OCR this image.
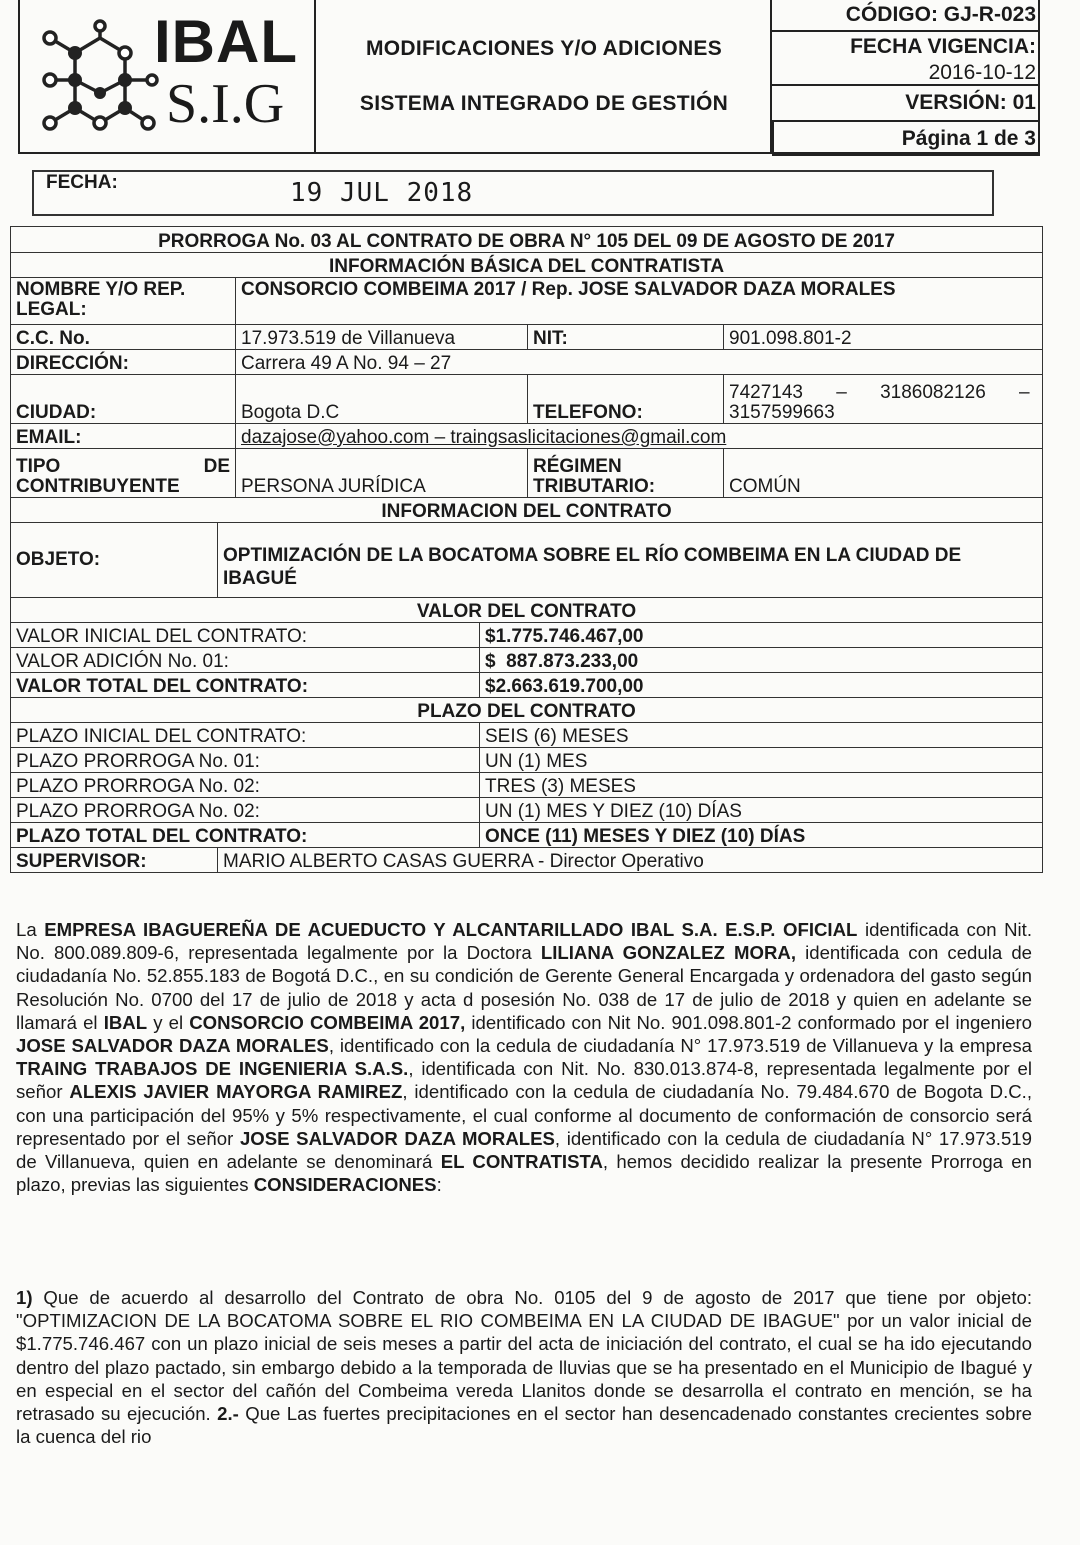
IBAL
S.I.G
MODIFICACIONES Y/O ADICIONES
SISTEMA INTEGRADO DE GESTIÓN
CÓDIGO: GJ-R-023
FECHA VIGENCIA:
2016-10-12
VERSIÓN: 01
Página 1 de 3
FECHA:	19 JUL 2018
PRORROGA No. 03 AL CONTRATO DE OBRA N° 105 DEL 09 DE AGOSTO DE 2017					
INFORMACIÓN BÁSICA DEL CONTRATISTA					
NOMBRE Y/O REP. LEGAL:		CONSORCIO COMBEIMA 2017 / Rep. JOSE SALVADOR DAZA MORALES			
C.C. No.		17.973.519 de Villanueva		NIT:	901.098.801-2
DIRECCIÓN:		Carrera 49 A No. 94 – 27			
CIUDAD:		Bogota D.C		TELEFONO:	7427143 – 3186082126 –
3157599663

EMAIL:		dazajose@yahoo.com – traingsaslicitaciones@gmail.com			
TIPO DE CONTRIBUYENTE		PERSONA JURÍDICA		RÉGIMEN TRIBUTARIO:	COMÚN
INFORMACION DEL CONTRATO					
OBJETO:	OPTIMIZACIÓN DE LA BOCATOMA SOBRE EL RÍO COMBEIMA EN LA CIUDAD DE IBAGUÉ				
VALOR DEL CONTRATO					
VALOR INICIAL DEL CONTRATO:			$1.775.746.467,00		
VALOR ADICIÓN No. 01:			$  887.873.233,00		
VALOR TOTAL DEL CONTRATO:			$2.663.619.700,00		
PLAZO DEL CONTRATO					
PLAZO INICIAL DEL CONTRATO:			SEIS (6) MESES		
PLAZO PRORROGA No. 01:			UN (1) MES		
PLAZO PRORROGA No. 02:			TRES (3) MESES		
PLAZO PRORROGA No. 02:			UN (1) MES Y DIEZ (10) DÍAS		
PLAZO TOTAL DEL CONTRATO:			ONCE (11) MESES Y DIEZ (10) DÍAS		
SUPERVISOR:	MARIO ALBERTO CASAS GUERRA - Director Operativo				
La EMPRESA IBAGUEREÑA DE ACUEDUCTO Y ALCANTARILLADO IBAL S.A. E.S.P. OFICIAL identificada con Nit. No. 800.089.809-6, representada legalmente por la Doctora LILIANA GONZALEZ MORA, identificada con cedula de ciudadanía No. 52.855.183 de Bogotá D.C., en su condición de Gerente General Encargada y ordenadora del gasto según Resolución No. 0700 del 17 de julio de 2018 y acta d posesión No. 038 de 17 de julio de 2018 y quien en adelante se llamará el IBAL y el CONSORCIO COMBEIMA 2017, identificado con Nit No. 901.098.801-2 conformado por el ingeniero JOSE SALVADOR DAZA MORALES, identificado con la cedula de ciudadanía N° 17.973.519 de Villanueva y la empresa TRAING TRABAJOS DE INGENIERIA S.A.S., identificada con Nit. No. 830.013.874-8, representada legalmente por el señor ALEXIS JAVIER MAYORGA RAMIREZ, identificado con la cedula de ciudadanía No. 79.484.670 de Bogota D.C., con una participación del 95% y 5% respectivamente, el cual conforme al documento de conformación de consorcio será representado por el señor JOSE SALVADOR DAZA MORALES, identificado con la cedula de ciudadanía N° 17.973.519 de Villanueva, quien en adelante se denominará EL CONTRATISTA, hemos decidido realizar la presente Prorroga en plazo, previas las siguientes CONSIDERACIONES:
1) Que de acuerdo al desarrollo del Contrato de obra No. 0105 del 9 de agosto de 2017 que tiene por objeto: "OPTIMIZACION DE LA BOCATOMA SOBRE EL RIO COMBEIMA EN LA CIUDAD DE IBAGUE" por un valor inicial de $1.775.746.467 con un plazo inicial de seis meses a partir del acta de iniciación del contrato, el cual se ha ido ejecutando dentro del plazo pactado, sin embargo debido a la temporada de lluvias que se ha presentado en el Municipio de Ibagué y en especial en el sector del cañón del Combeima vereda Llanitos donde se desarrolla el contrato en mención, se ha retrasado su ejecución. 2.- Que Las fuertes precipitaciones en el sector han desencadenado constantes crecientes sobre la cuenca del rio
